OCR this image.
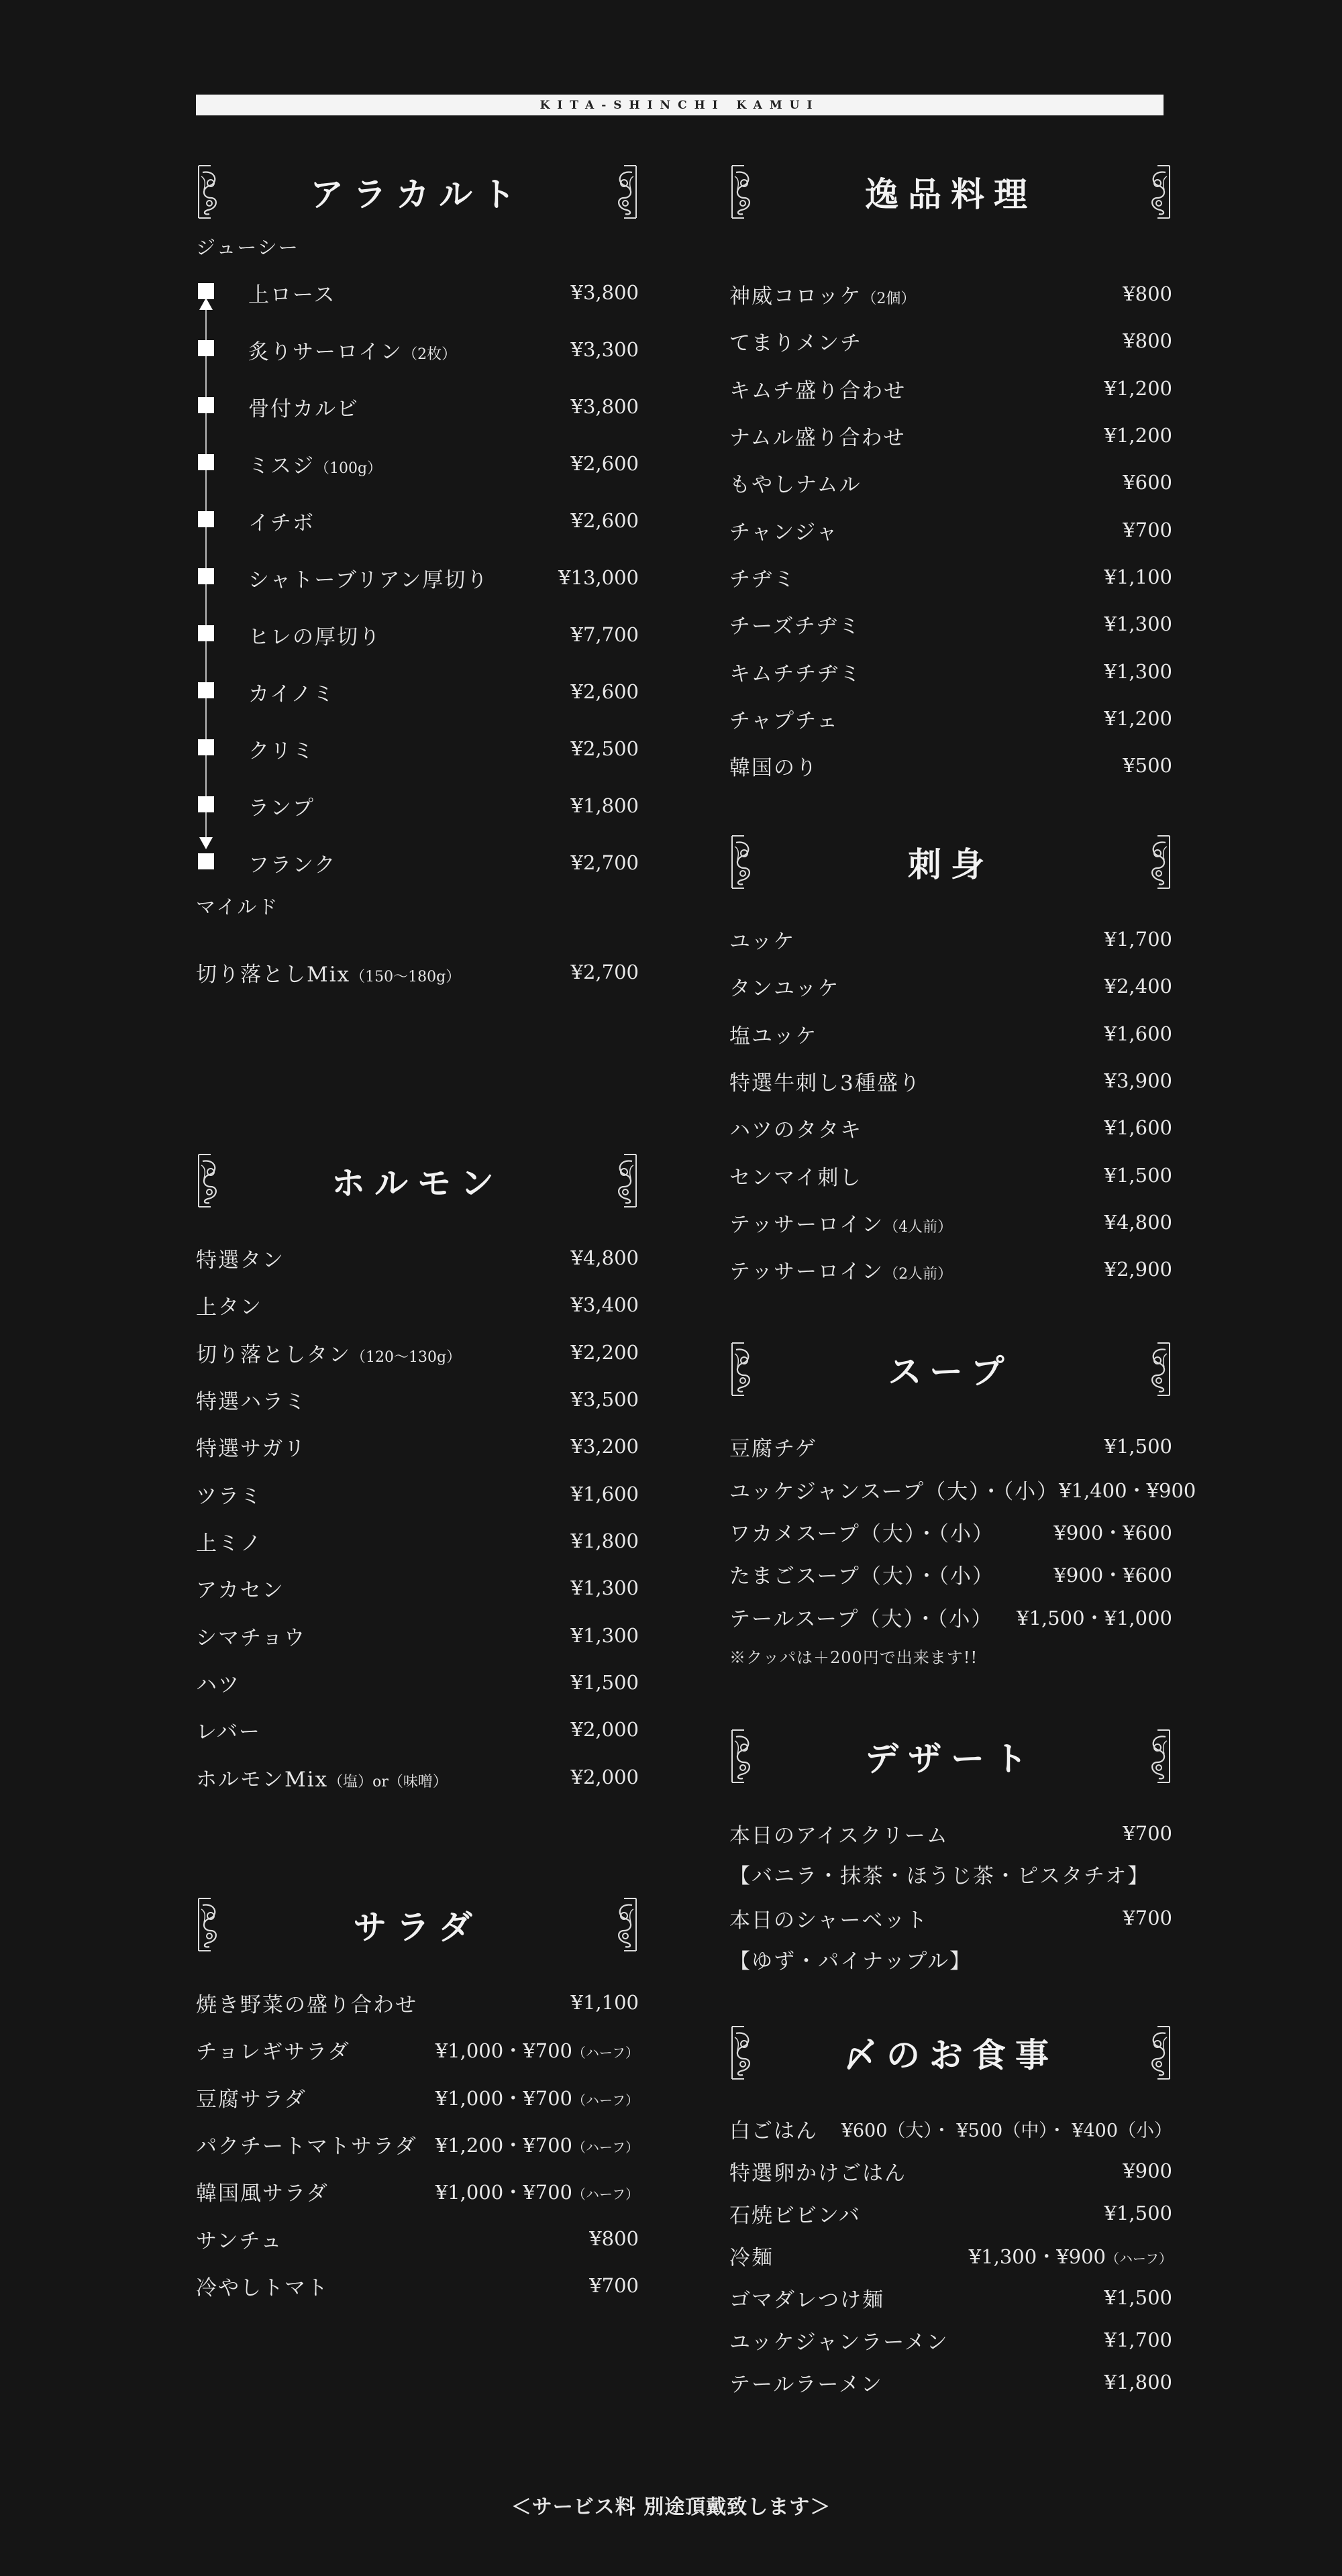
KITA-SHINCHI KAMUI
アラカルト
ジューシー
上ロース	¥3,800
炙りサーロイン（2枚）	¥3,300
骨付カルビ	¥3,800
ミスジ（100g）	¥2,600
イチボ	¥2,600
シャトーブリアン厚切り	¥13,000
ヒレの厚切り	¥7,700
カイノミ	¥2,600
クリミ	¥2,500
ランプ	¥1,800
フランク	¥2,700
マイルド
切り落としMix（150～180g）	¥2,700
ホルモン
特選タン	¥4,800
上タン	¥3,400
切り落としタン（120～130g）	¥2,200
特選ハラミ	¥3,500
特選サガリ	¥3,200
ツラミ	¥1,600
上ミノ	¥1,800
アカセン	¥1,300
シマチョウ	¥1,300
ハツ	¥1,500
レバー	¥2,000
ホルモンMix（塩）or（味噌）	¥2,000
サラダ
焼き野菜の盛り合わせ	¥1,100
チョレギサラダ	¥1,000・¥700（ハーフ）
豆腐サラダ	¥1,000・¥700（ハーフ）
パクチートマトサラダ ¥1,200・¥700（ハーフ）
韓国風サラダ	¥1,000・¥700（ハーフ）
サンチュ	¥800
冷やしトマト	¥700
逸品料理
神威コロッケ（2個）	¥800
てまりメンチ	¥800
キムチ盛り合わせ	¥1,200
ナムル盛り合わせ	¥1,200
もやしナムル	¥600
チャンジャ	¥700
チヂミ	¥1,100
チーズチヂミ	¥1,300
キムチチヂミ	¥1,300
チャプチェ	¥1,200
韓国のり	¥500
刺身
ユッケ	¥1,700
タンユッケ	¥2,400
塩ユッケ	¥1,600
特選牛刺し3種盛り	¥3,900
ハツのタタキ	¥1,600
センマイ刺し	¥1,500
テッサーロイン（4人前）	¥4,800
テッサーロイン（2人前）	¥2,900
スープ
豆腐チゲ	¥1,500
ユッケジャンスープ（大）・（小） ¥1,400・¥900
ワカメスープ（大）・（小）	¥900・¥600
たまごスープ（大）・（小）	¥900・¥600
テールスープ（大）・（小） ¥1,500・¥1,000
※クッパは＋200円で出来ます!!
デザート
本日のアイスクリーム	¥700
【バニラ・抹茶・ほうじ茶・ピスタチオ】
本日のシャーベット	¥700
【ゆず・パイナップル】
〆のお食事
白ごはん ¥600（大）・ ¥500（中）・ ¥400（小）
特選卵かけごはん	¥900
石焼ビビンバ	¥1,500
冷麺	¥1,300・¥900（ハーフ）
ゴマダレつけ麺	¥1,500
ユッケジャンラーメン	¥1,700
テールラーメン	¥1,800
＜サービス料 別途頂戴致します＞
